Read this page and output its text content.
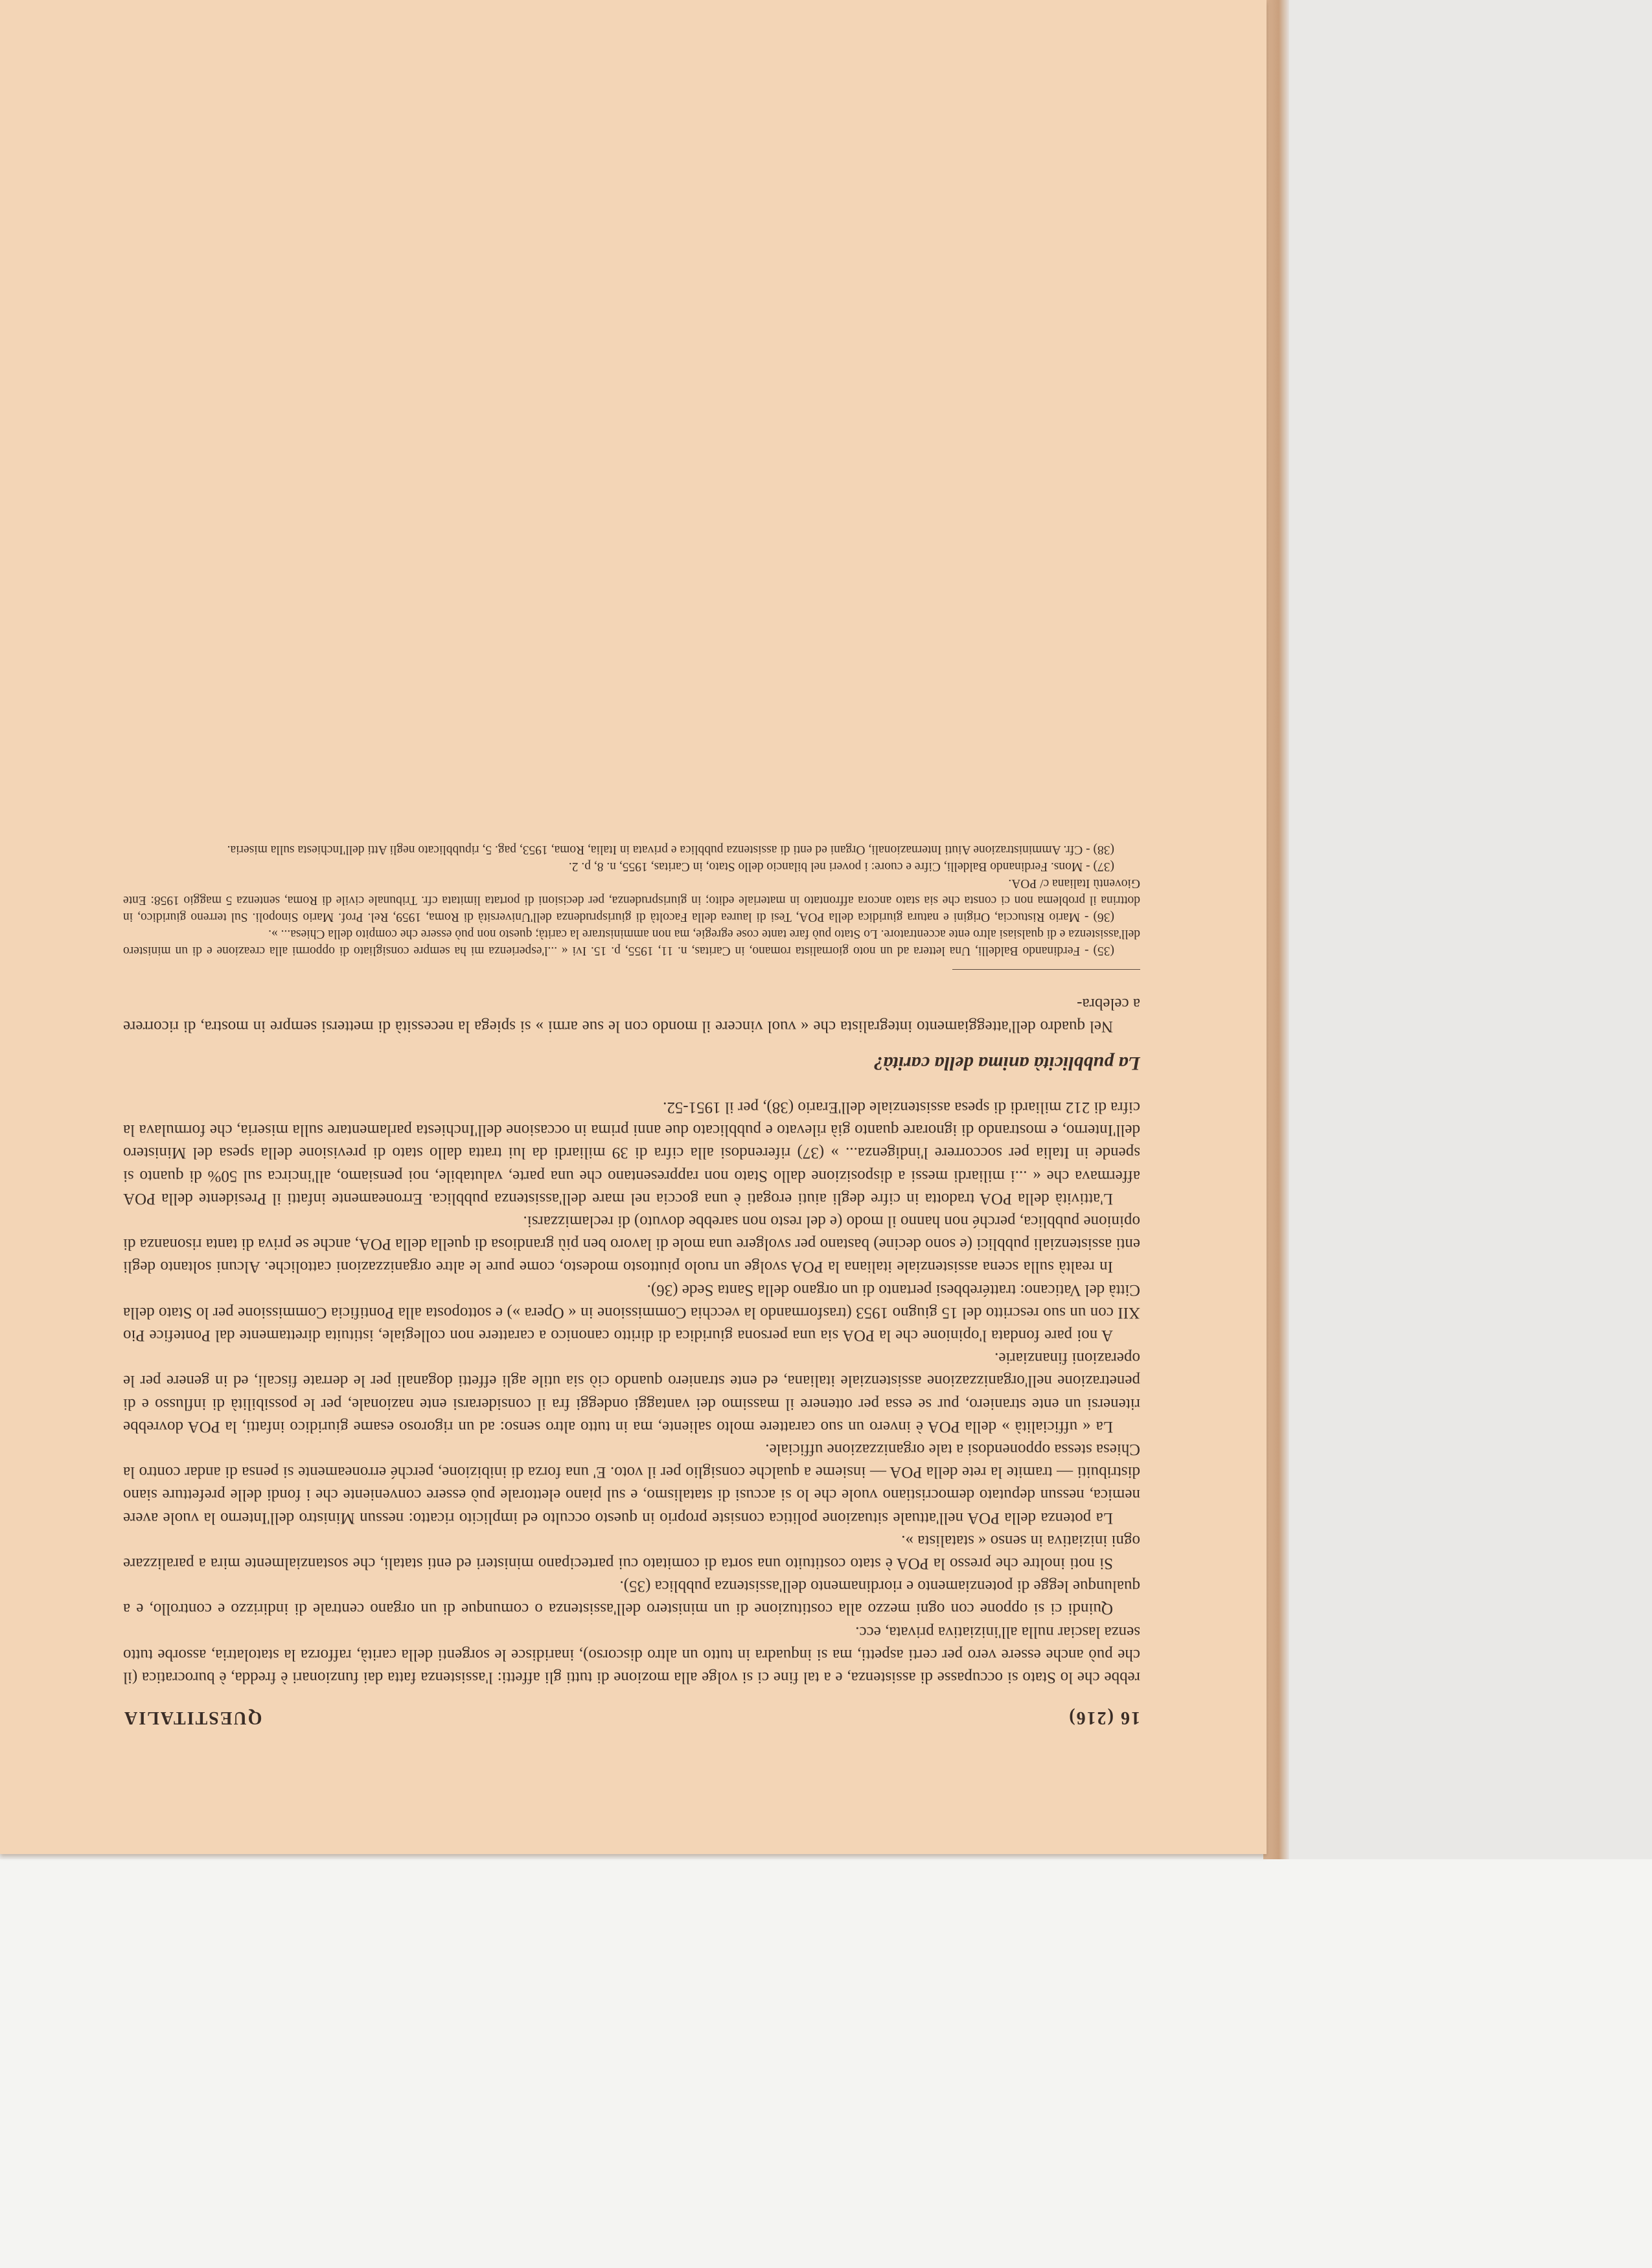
16 (216)
QUESTITALIA

rebbe che lo Stato si occupasse di assistenza, e a tal fine ci si volge alla mozione di tutti gli affetti: l'assistenza fatta dai funzionari è fredda, è burocratica (il che può anche essere vero per certi aspetti, ma si inquadra in tutto un altro discorso), inaridisce le sorgenti della carità, rafforza la statolatria, assorbe tutto senza lasciar nulla all'iniziativa privata, ecc.

Quindi ci si oppone con ogni mezzo alla costituzione di un ministero dell'assistenza o comunque di un organo centrale di indirizzo e controllo, e a qualunque legge di potenziamento e riordinamento dell'assistenza pubblica (35).

Si noti inoltre che presso la POA è stato costituito una sorta di comitato cui partecipano ministeri ed enti statali, che sostanzialmente mira a paralizzare ogni iniziativa in senso « statalista ».

La potenza della POA nell'attuale situazione politica consiste proprio in questo occulto ed implicito ricatto: nessun Ministro dell'Interno la vuole avere nemica, nessun deputato democristiano vuole che lo si accusi di statalismo, e sul piano elettorale può essere conveniente che i fondi delle prefetture siano distribuiti — tramite la rete della POA — insieme a qualche consiglio per il voto. E' una forza di inibizione, perché erroneamente si pensa di andar contro la Chiesa stessa opponendosi a tale organizzazione ufficiale.

La « ufficialità » della POA è invero un suo carattere molto saliente, ma in tutto altro senso: ad un rigoroso esame giuridico infatti, la POA dovrebbe ritenersi un ente straniero, pur se essa per ottenere il massimo dei vantaggi ondeggi fra il considerarsi ente nazionale, per le possibilità di influsso e di penetrazione nell'organizzazione assistenziale italiana, ed ente straniero quando ciò sia utile agli effetti doganali per le derrate fiscali, ed in genere per le operazioni finanziarie.

A noi pare fondata l'opinione che la POA sia una persona giuridica di diritto canonico a carattere non collegiale, istituita direttamente dal Pontefice Pio XII con un suo rescritto del 15 giugno 1953 (trasformando la vecchia Commissione in « Opera ») e sottoposta alla Pontificia Commissione per lo Stato della Città del Vaticano: trattérebbesi pertanto di un organo della Santa Sede (36).

In realtà sulla scena assistenziale italiana la POA svolge un ruolo piuttosto modesto, come pure le altre organizzazioni cattoliche. Alcuni soltanto degli enti assistenziali pubblici (e sono decine) bastano per svolgere una mole di lavoro ben più grandiosa di quella della POA, anche se priva di tanta risonanza di opinione pubblica, perché non hanno il modo (e del resto non sarebbe dovuto) di reclamizzarsi.

L'attività della POA tradotta in cifre degli aiuti erogati è una goccia nel mare dell'assistenza pubblica. Erroneamente infatti il Presidente della POA affermava che « ...i miliardi messi a disposizione dallo Stato non rappresentano che una parte, valutabile, noi pensiamo, all'incirca sul 50% di quanto si spende in Italia per soccorrere l'indigenza... » (37) riferendosi alla cifra di 39 miliardi da lui tratta dallo stato di previsione della spesa del Ministero dell'Interno, e mostrando di ignorare quanto già rilevato e pubblicato due anni prima in occasione dell'Inchiesta parlamentare sulla miseria, che formulava la cifra di 212 miliardi di spesa assistenziale dell'Erario (38), per il 1951-52.

La pubblicità anima della carità?

Nel quadro dell'atteggiamento integralista che « vuol vincere il mondo con le sue armi » si spiega la necessità di mettersi sempre in mostra, di ricorrere a celebra-

(35) - Ferdinando Baldelli, Una lettera ad un noto giornalista romano, in Caritas, n. 11, 1955, p. 15. Ivi « ...l'esperienza mi ha sempre consigliato di oppormi alla creazione e di un ministero dell'assistenza e di qualsiasi altro ente accentratore. Lo Stato può fare tante cose egregie, ma non amministrare la carità; questo non può essere che compito della Chiesa... ».

(36) - Mario Ristuccia, Origini e natura giuridica della POA, Tesi di laurea della Facoltà di giurisprudenza dell'Università di Roma, 1959, Rel. Prof. Mario Sinopoli. Sul terreno giuridico, in dottrina il problema non ci consta che sia stato ancora affrontato in materiale edito; in giurisprudenza, per decisioni di portata limitata cfr. Tribunale civile di Roma, sentenza 5 maggio 1958: Ente Gioventù Italiana c/ POA.

(37) - Mons. Ferdinando Baldelli, Cifre e cuore: i poveri nel bilancio dello Stato, in Caritas, 1955, n. 8, p. 2.

(38) - Cfr. Amministrazione Aiuti Internazionali, Organi ed enti di assistenza pubblica e privata in Italia, Roma, 1953, pag. 5, ripubblicato negli Atti dell'Inchiesta sulla miseria.
